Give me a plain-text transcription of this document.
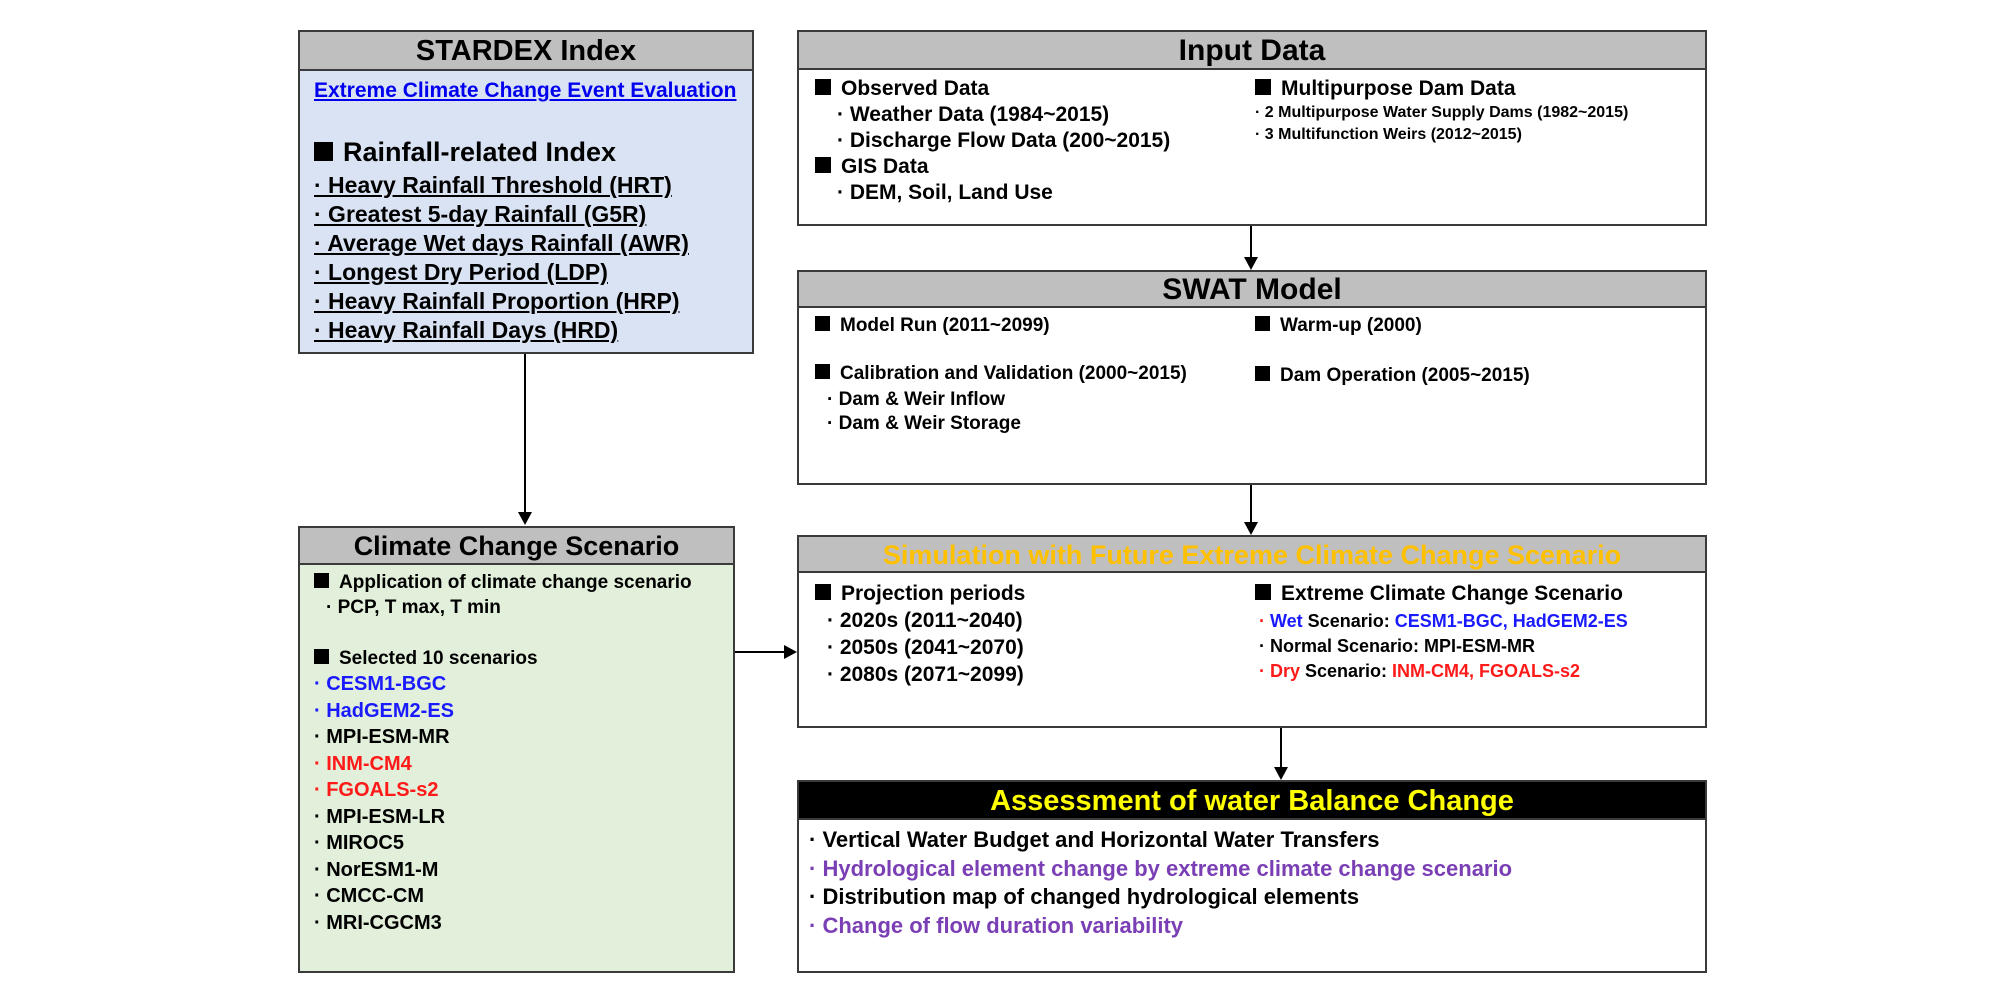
STARDEX Index
Extreme Climate Change Event Evaluation
Rainfall-related Index
· Heavy Rainfall Threshold (HRT)
· Greatest 5-day Rainfall (G5R)
· Average Wet days Rainfall (AWR)
· Longest Dry Period (LDP)
· Heavy Rainfall Proportion (HRP)
· Heavy Rainfall Days (HRD)
Input Data
Observed Data
· Weather Data (1984~2015)
· Discharge Flow Data (200~2015)
GIS Data
· DEM, Soil, Land Use
Multipurpose Dam Data
· 2 Multipurpose Water Supply Dams (1982~2015)
· 3 Multifunction Weirs (2012~2015)
SWAT Model
Model Run (2011~2099)	Warm-up (2000)
Calibration and Validation (2000~2015)	Dam Operation (2005~2015)
· Dam & Weir Inflow
· Dam & Weir Storage
Climate Change Scenario
Application of climate change scenario
· PCP, T max, T min
Selected 10 scenarios
· CESM1-BGC
· HadGEM2-ES
· MPI-ESM-MR
· INM-CM4
· FGOALS-s2
· MPI-ESM-LR
· MIROC5
· NorESM1-M
· CMCC-CM
· MRI-CGCM3
Simulation with Future Extreme Climate Change Scenario
Projection periods
· 2020s (2011~2040)
· 2050s (2041~2070)
· 2080s (2071~2099)
Extreme Climate Change Scenario
· Wet Scenario: CESM1-BGC, HadGEM2-ES
· Normal Scenario: MPI-ESM-MR
· Dry Scenario: INM-CM4, FGOALS-s2
Assessment of water Balance Change
· Vertical Water Budget and Horizontal Water Transfers
· Hydrological element change by extreme climate change scenario
· Distribution map of changed hydrological elements
· Change of flow duration variability
